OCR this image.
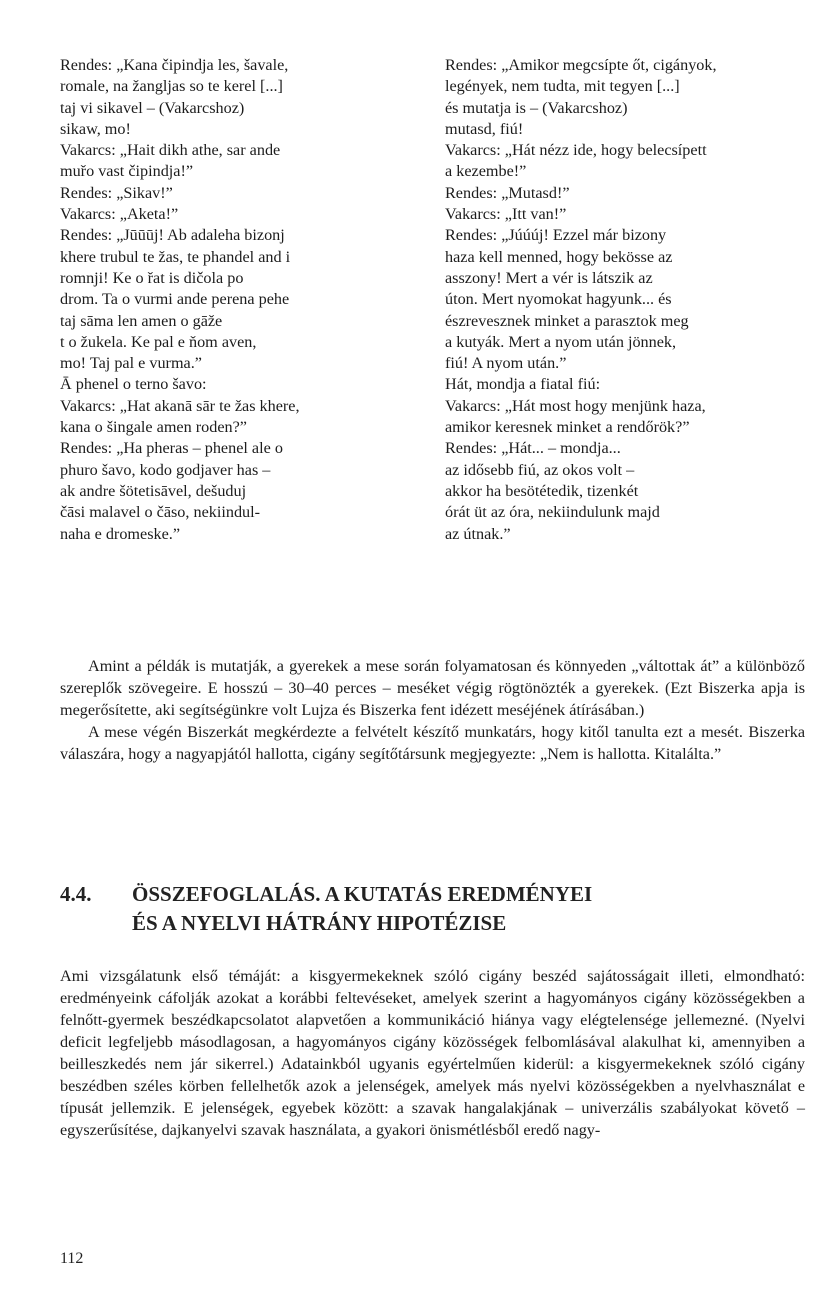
Rendes: „Kana čipindja les, šavale,
romale, na žangljas so te kerel [...]
taj vi sikavel – (Vakarcshoz)
sikaw, mo!
Vakarcs: „Hait dikh athe, sar ande
muřo vast čipindja!”
Rendes: „Sikav!”
Vakarcs: „Aketa!”
Rendes: „Jūūūj! Ab adaleha bizonj
khere trubul te žas, te phandel and i
romnji! Ke o řat is dičola po
drom. Ta o vurmi ande perena pehe
taj sāma len amen o gāže
t o žukela. Ke pal e ňom aven,
mo! Taj pal e vurma.”
Ā phenel o terno šavo:
Vakarcs: „Hat akanā sār te žas khere,
kana o šingale amen roden?”
Rendes: „Ha pheras – phenel ale o
phuro šavo, kodo godjaver has –
ak andre šötetisāvel, dešuduj
čāsi malavel o čāso, nekiindul-
naha e dromeske.”
Rendes: „Amikor megcsípte őt, cigányok,
legények, nem tudta, mit tegyen [...]
és mutatja is – (Vakarcshoz)
mutasd, fiú!
Vakarcs: „Hát nézz ide, hogy belecsípett
a kezembe!”
Rendes: „Mutasd!”
Vakarcs: „Itt van!”
Rendes: „Júúúj! Ezzel már bizony
haza kell menned, hogy bekösse az
asszony! Mert a vér is látszik az
úton. Mert nyomokat hagyunk... és
észrevesznek minket a parasztok meg
a kutyák. Mert a nyom után jönnek,
fiú! A nyom után.”
Hát, mondja a fiatal fiú:
Vakarcs: „Hát most hogy menjünk haza,
amikor keresnek minket a rendőrök?”
Rendes: „Hát... – mondja...
az idősebb fiú, az okos volt –
akkor ha besötétedik, tizenkét
órát üt az óra, nekiindulunk majd
az útnak.”

Amint a példák is mutatják, a gyerekek a mese során folyamatosan és könnyeden „váltottak át” a különböző szereplők szövegeire. E hosszú – 30–40 perces – meséket végig rögtönözték a gyerekek. (Ezt Biszerka apja is megerősítette, aki segítségünkre volt Lujza és Biszerka fent idézett meséjének átírásában.)

A mese végén Biszerkát megkérdezte a felvételt készítő munkatárs, hogy kitől tanulta ezt a mesét. Biszerka válaszára, hogy a nagyapjától hallotta, cigány segítőtársunk megjegyezte: „Nem is hallotta. Kitalálta.”

4.4. ÖSSZEFOGLALÁS. A KUTATÁS EREDMÉNYEI
ÉS A NYELVI HÁTRÁNY HIPOTÉZISE

Ami vizsgálatunk első témáját: a kisgyermekeknek szóló cigány beszéd sajátosságait illeti, elmondható: eredményeink cáfolják azokat a korábbi feltevéseket, amelyek szerint a hagyományos cigány közösségekben a felnőtt-gyermek beszédkapcsolatot alapvetően a kommunikáció hiánya vagy elégtelensége jellemezné. (Nyelvi deficit legfeljebb másodlagosan, a hagyományos cigány közösségek felbomlásával alakulhat ki, amennyiben a beilleszkedés nem jár sikerrel.) Adatainkból ugyanis egyértelműen kiderül: a kisgyermekeknek szóló cigány beszédben széles körben fellelhetők azok a jelenségek, amelyek más nyelvi közösségekben a nyelvhasználat e típusát jellemzik. E jelenségek, egyebek között: a szavak hangalakjának – univerzális szabályokat követő – egyszerűsítése, dajkanyelvi szavak használata, a gyakori önismétlésből eredő nagy-

112
